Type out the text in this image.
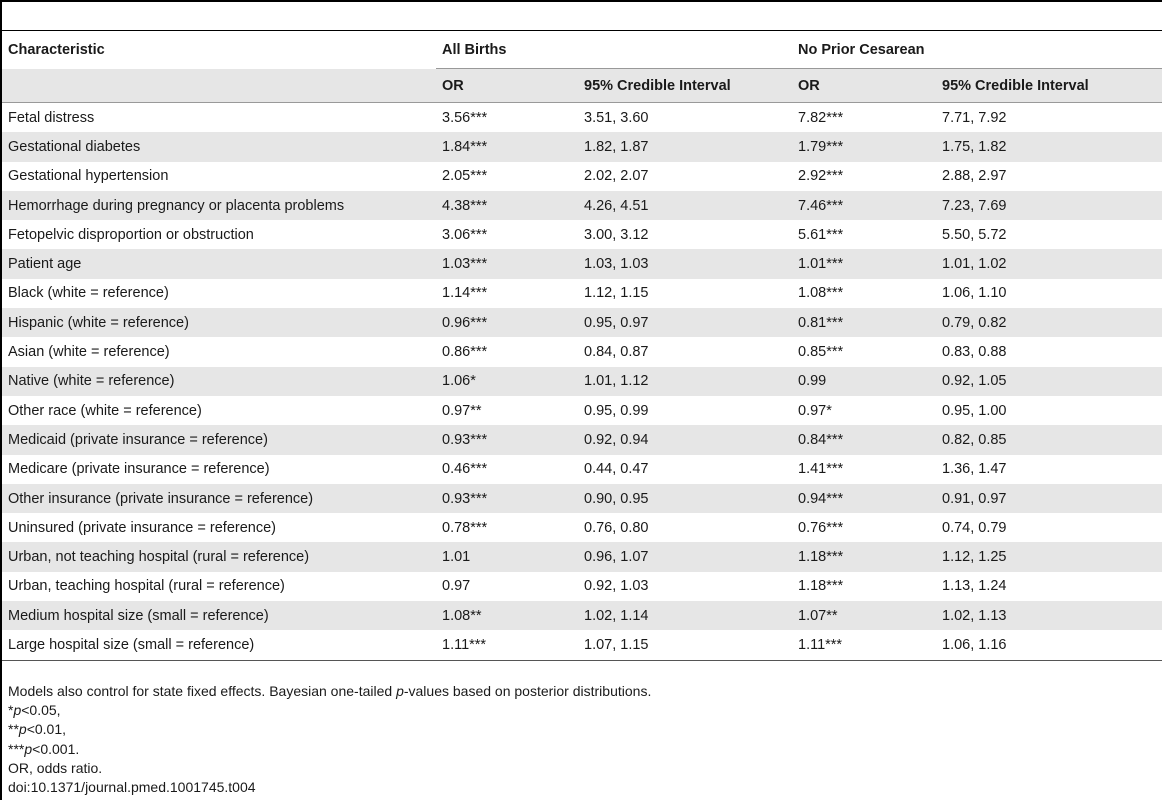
Characteristic	All Births		No Prior Cesarean	
	OR	95% Credible Interval	OR	95% Credible Interval
Fetal distress	3.56***	3.51, 3.60	7.82***	7.71, 7.92
Gestational diabetes	1.84***	1.82, 1.87	1.79***	1.75, 1.82
Gestational hypertension	2.05***	2.02, 2.07	2.92***	2.88, 2.97
Hemorrhage during pregnancy or placenta problems	4.38***	4.26, 4.51	7.46***	7.23, 7.69
Fetopelvic disproportion or obstruction	3.06***	3.00, 3.12	5.61***	5.50, 5.72
Patient age	1.03***	1.03, 1.03	1.01***	1.01, 1.02
Black (white = reference)	1.14***	1.12, 1.15	1.08***	1.06, 1.10
Hispanic (white = reference)	0.96***	0.95, 0.97	0.81***	0.79, 0.82
Asian (white = reference)	0.86***	0.84, 0.87	0.85***	0.83, 0.88
Native (white = reference)	1.06*	1.01, 1.12	0.99	0.92, 1.05
Other race (white = reference)	0.97**	0.95, 0.99	0.97*	0.95, 1.00
Medicaid (private insurance = reference)	0.93***	0.92, 0.94	0.84***	0.82, 0.85
Medicare (private insurance = reference)	0.46***	0.44, 0.47	1.41***	1.36, 1.47
Other insurance (private insurance = reference)	0.93***	0.90, 0.95	0.94***	0.91, 0.97
Uninsured (private insurance = reference)	0.78***	0.76, 0.80	0.76***	0.74, 0.79
Urban, not teaching hospital (rural = reference)	1.01	0.96, 1.07	1.18***	1.12, 1.25
Urban, teaching hospital (rural = reference)	0.97	0.92, 1.03	1.18***	1.13, 1.24
Medium hospital size (small = reference)	1.08**	1.02, 1.14	1.07**	1.02, 1.13
Large hospital size (small = reference)	1.11***	1.07, 1.15	1.11***	1.06, 1.16
Models also control for state fixed effects. Bayesian one-tailed p-values based on posterior distributions.
*p<0.05,
**p<0.01,
***p<0.001.
OR, odds ratio.
doi:10.1371/journal.pmed.1001745.t004
